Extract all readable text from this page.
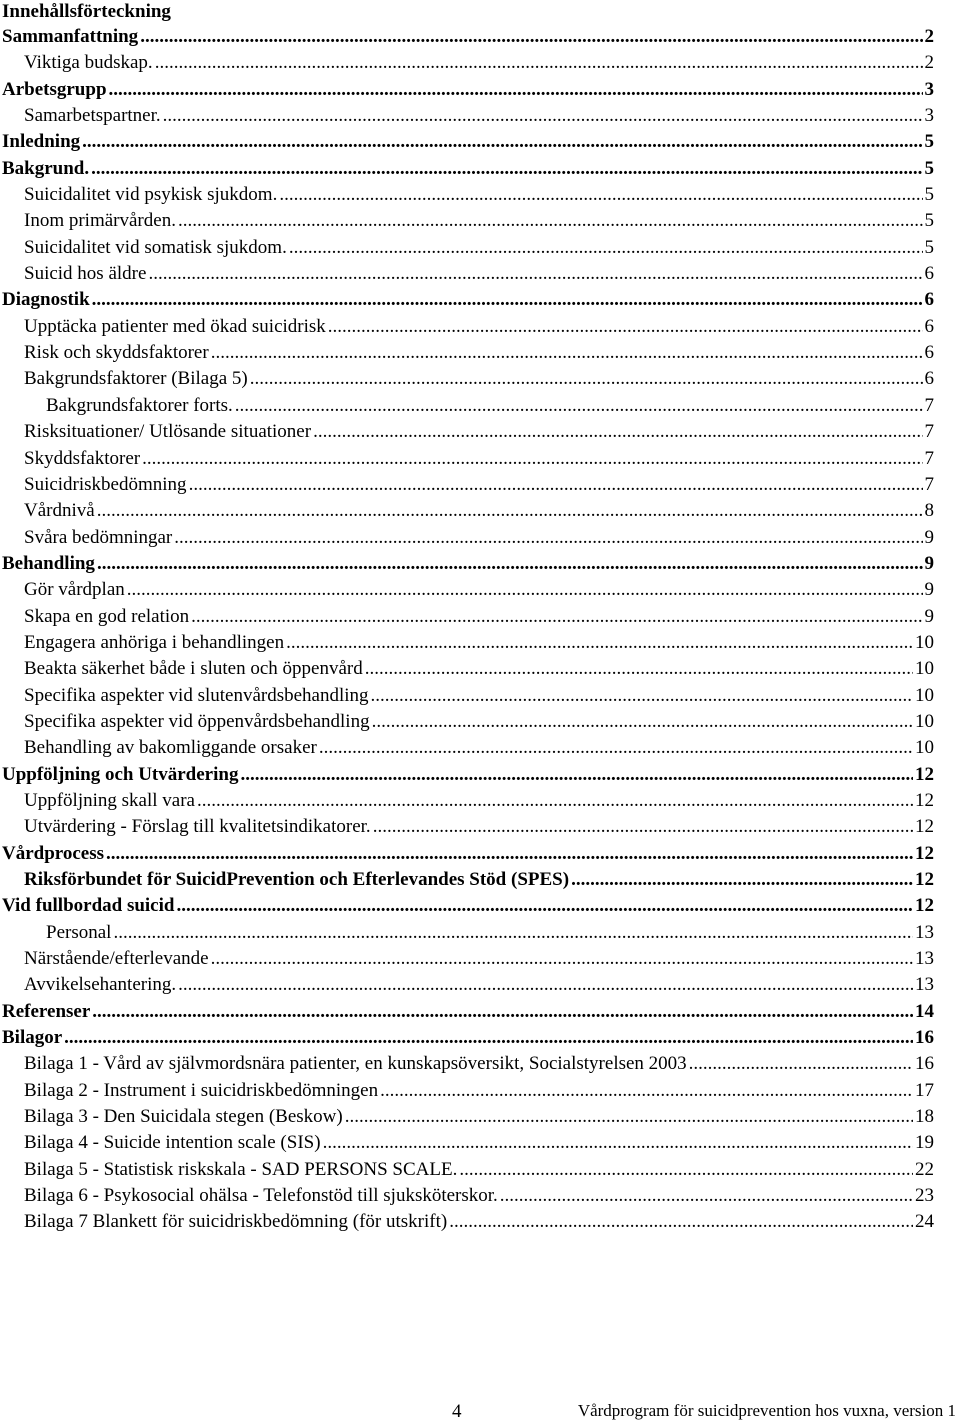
Innehållsförteckning
Sammanfattning .....	2
Viktiga budskap. .....	2
Arbetsgrupp .....	3
Samarbetspartner. .....	3
Inledning .....	5
Bakgrund. .....	5
Suicidalitet vid psykisk sjukdom. .....	5
Inom primärvården. .....	5
Suicidalitet vid somatisk sjukdom. .....	5
Suicid hos äldre .....	6
Diagnostik .....	6
Upptäcka patienter med ökad suicidrisk .....	6
Risk och skyddsfaktorer .....	6
Bakgrundsfaktorer (Bilaga 5) .....	6
Bakgrundsfaktorer forts. .....	7
Risksituationer/ Utlösande situationer .....	7
Skyddsfaktorer .....	7
Suicidriskbedömning .....	7
Vårdnivå .....	8
Svåra bedömningar .....	9
Behandling .....	9
Gör vårdplan .....	9
Skapa en god relation .....	9
Engagera anhöriga i behandlingen .....	10
Beakta säkerhet både i sluten och öppenvård .....	10
Specifika aspekter vid slutenvårdsbehandling .....	10
Specifika aspekter vid öppenvårdsbehandling .....	10
Behandling av bakomliggande orsaker .....	10
Uppföljning och Utvärdering .....	12
Uppföljning skall vara .....	12
Utvärdering - Förslag till kvalitetsindikatorer. .....	12
Vårdprocess .....	12
Riksförbundet för SuicidPrevention och Efterlevandes Stöd (SPES) .....	12
Vid fullbordad suicid .....	12
Personal .....	13
Närstående/efterlevande .....	13
Avvikelsehantering. .....	13
Referenser .....	14
Bilagor .....	16
Bilaga 1 - Vård av självmordsnära patienter, en kunskapsöversikt, Socialstyrelsen 2003 .....	16
Bilaga 2 - Instrument i suicidriskbedömningen .....	17
Bilaga 3 - Den Suicidala stegen (Beskow) .....	18
Bilaga 4 - Suicide intention scale (SIS) .....	19
Bilaga 5 - Statistisk riskskala - SAD PERSONS SCALE. .....	22
Bilaga 6 - Psykosocial ohälsa - Telefonstöd till sjuksköterskor. .....	23
Bilaga 7 Blankett för suicidriskbedömning (för utskrift) .....	24
4	Vårdprogram för suicidprevention hos vuxna, version 1
